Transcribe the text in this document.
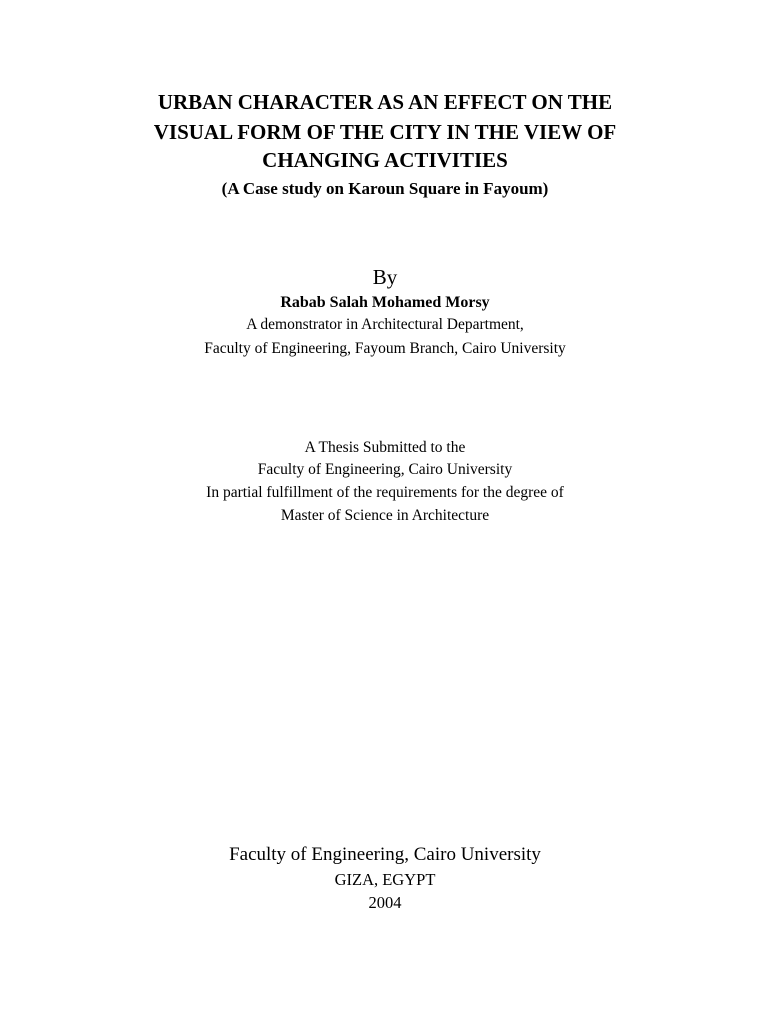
URBAN CHARACTER AS AN EFFECT ON THE
VISUAL FORM OF THE CITY IN THE VIEW OF
CHANGING ACTIVITIES
(A Case study on Karoun Square in Fayoum)
By
Rabab Salah Mohamed Morsy
A demonstrator in Architectural Department,
Faculty of Engineering, Fayoum Branch, Cairo University
A Thesis Submitted to the
Faculty of Engineering, Cairo University
In partial fulfillment of the requirements for the degree of
Master of Science in Architecture
Faculty of Engineering, Cairo University
GIZA, EGYPT
2004
